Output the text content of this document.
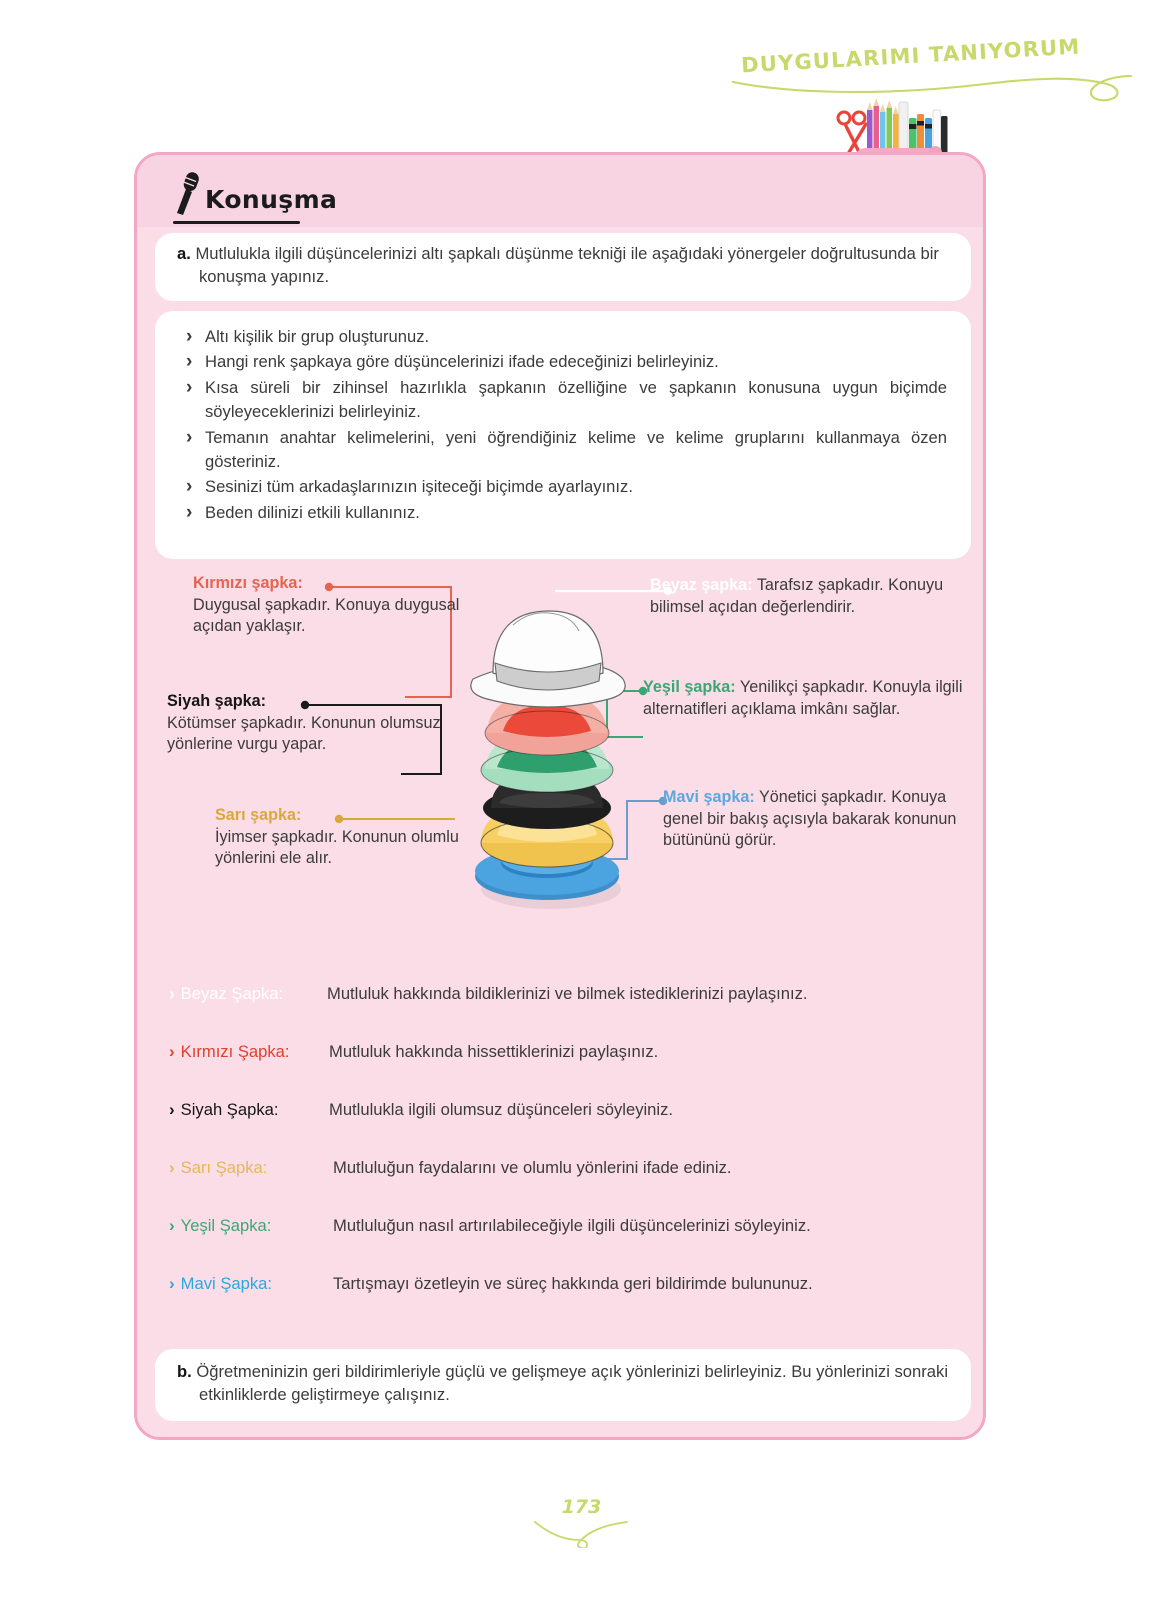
DUYGULARIMI TANIYORUM
Konuşma
a. Mutlulukla ilgili düşüncelerinizi altı şapkalı düşünme tekniği ile aşağıdaki yönergeler doğrultusunda bir konuşma yapınız.
› Altı kişilik bir grup oluşturunuz.
› Hangi renk şapkaya göre düşüncelerinizi ifade edeceğinizi belirleyiniz.
› Kısa süreli bir zihinsel hazırlıkla şapkanın özelliğine ve şapkanın konusuna uygun biçimde söyleyeceklerinizi belirleyiniz.
› Temanın anahtar kelimelerini, yeni öğrendiğiniz kelime ve kelime gruplarını kullanmaya özen gösteriniz.
› Sesinizi tüm arkadaşlarınızın işiteceği biçimde ayarlayınız.
› Beden dilinizi etkili kullanınız.
Kırmızı şapka:
Duygusal şapkadır. Konuya duygusal açıdan yaklaşır.
Siyah şapka:
Kötümser şapkadır. Konunun olumsuz yönlerine vurgu yapar.
Sarı şapka:
İyimser şapkadır. Konunun olumlu yönlerini ele alır.
Beyaz şapka: Tarafsız şapkadır. Konuyu bilimsel açıdan değerlendirir.
Yeşil şapka: Yenilikçi şapkadır. Konuyla ilgili alternatifleri açıklama imkânı sağlar.
Mavi şapka: Yönetici şapkadır. Konuya genel bir bakış açısıyla bakarak konunun bütününü görür.
› Beyaz Şapka:	Mutluluk hakkında bildiklerinizi ve bilmek istediklerinizi paylaşınız.
› Kırmızı Şapka:	Mutluluk hakkında hissettiklerinizi paylaşınız.
› Siyah Şapka:	Mutlulukla ilgili olumsuz düşünceleri söyleyiniz.
› Sarı Şapka:	Mutluluğun faydalarını ve olumlu yönlerini ifade ediniz.
› Yeşil Şapka:	Mutluluğun nasıl artırılabileceğiyle ilgili düşüncelerinizi söyleyiniz.
› Mavi Şapka:	Tartışmayı özetleyin ve süreç hakkında geri bildirimde bulununuz.
b. Öğretmeninizin geri bildirimleriyle güçlü ve gelişmeye açık yönlerinizi belirleyiniz. Bu yönlerinizi sonraki etkinliklerde geliştirmeye çalışınız.
173
